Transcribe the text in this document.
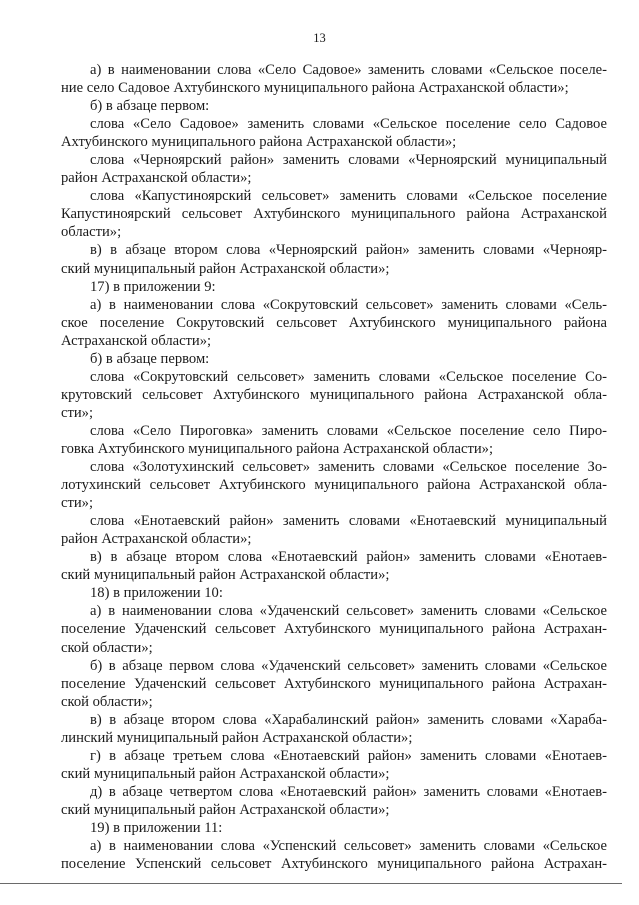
13
а) в наименовании слова «Село Садовое» заменить словами «Сельское поселе-
ние село Садовое Ахтубинского муниципального района Астраханской области»;
б) в абзаце первом:
слова «Село Садовое» заменить словами «Сельское поселение село Садовое
Ахтубинского муниципального района Астраханской области»;
слова «Черноярский район» заменить словами «Черноярский муниципальный
район Астраханской области»;
слова «Капустиноярский сельсовет» заменить словами «Сельское поселение
Капустиноярский сельсовет Ахтубинского муниципального района Астраханской
области»;
в) в абзаце втором слова «Черноярский район» заменить словами «Чернояр-
ский муниципальный район Астраханской области»;
17) в приложении 9:
а) в наименовании слова «Сокрутовский сельсовет» заменить словами «Сель-
ское поселение Сокрутовский сельсовет Ахтубинского муниципального района
Астраханской области»;
б) в абзаце первом:
слова «Сокрутовский сельсовет» заменить словами «Сельское поселение Со-
крутовский сельсовет Ахтубинского муниципального района Астраханской обла-
сти»;
слова «Село Пироговка» заменить словами «Сельское поселение село Пиро-
говка Ахтубинского муниципального района Астраханской области»;
слова «Золотухинский сельсовет» заменить словами «Сельское поселение Зо-
лотухинский сельсовет Ахтубинского муниципального района Астраханской обла-
сти»;
слова «Енотаевский район» заменить словами «Енотаевский муниципальный
район Астраханской области»;
в) в абзаце втором слова «Енотаевский район» заменить словами «Енотаев-
ский муниципальный район Астраханской области»;
18) в приложении 10:
а) в наименовании слова «Удаченский сельсовет» заменить словами «Сельское
поселение Удаченский сельсовет Ахтубинского муниципального района Астрахан-
ской области»;
б) в абзаце первом слова «Удаченский сельсовет» заменить словами «Сельское
поселение Удаченский сельсовет Ахтубинского муниципального района Астрахан-
ской области»;
в) в абзаце втором слова «Харабалинский район» заменить словами «Хараба-
линский муниципальный район Астраханской области»;
г) в абзаце третьем слова «Енотаевский район» заменить словами «Енотаев-
ский муниципальный район Астраханской области»;
д) в абзаце четвертом слова «Енотаевский район» заменить словами «Енотаев-
ский муниципальный район Астраханской области»;
19) в приложении 11:
а) в наименовании слова «Успенский сельсовет» заменить словами «Сельское
поселение Успенский сельсовет Ахтубинского муниципального района Астрахан-
